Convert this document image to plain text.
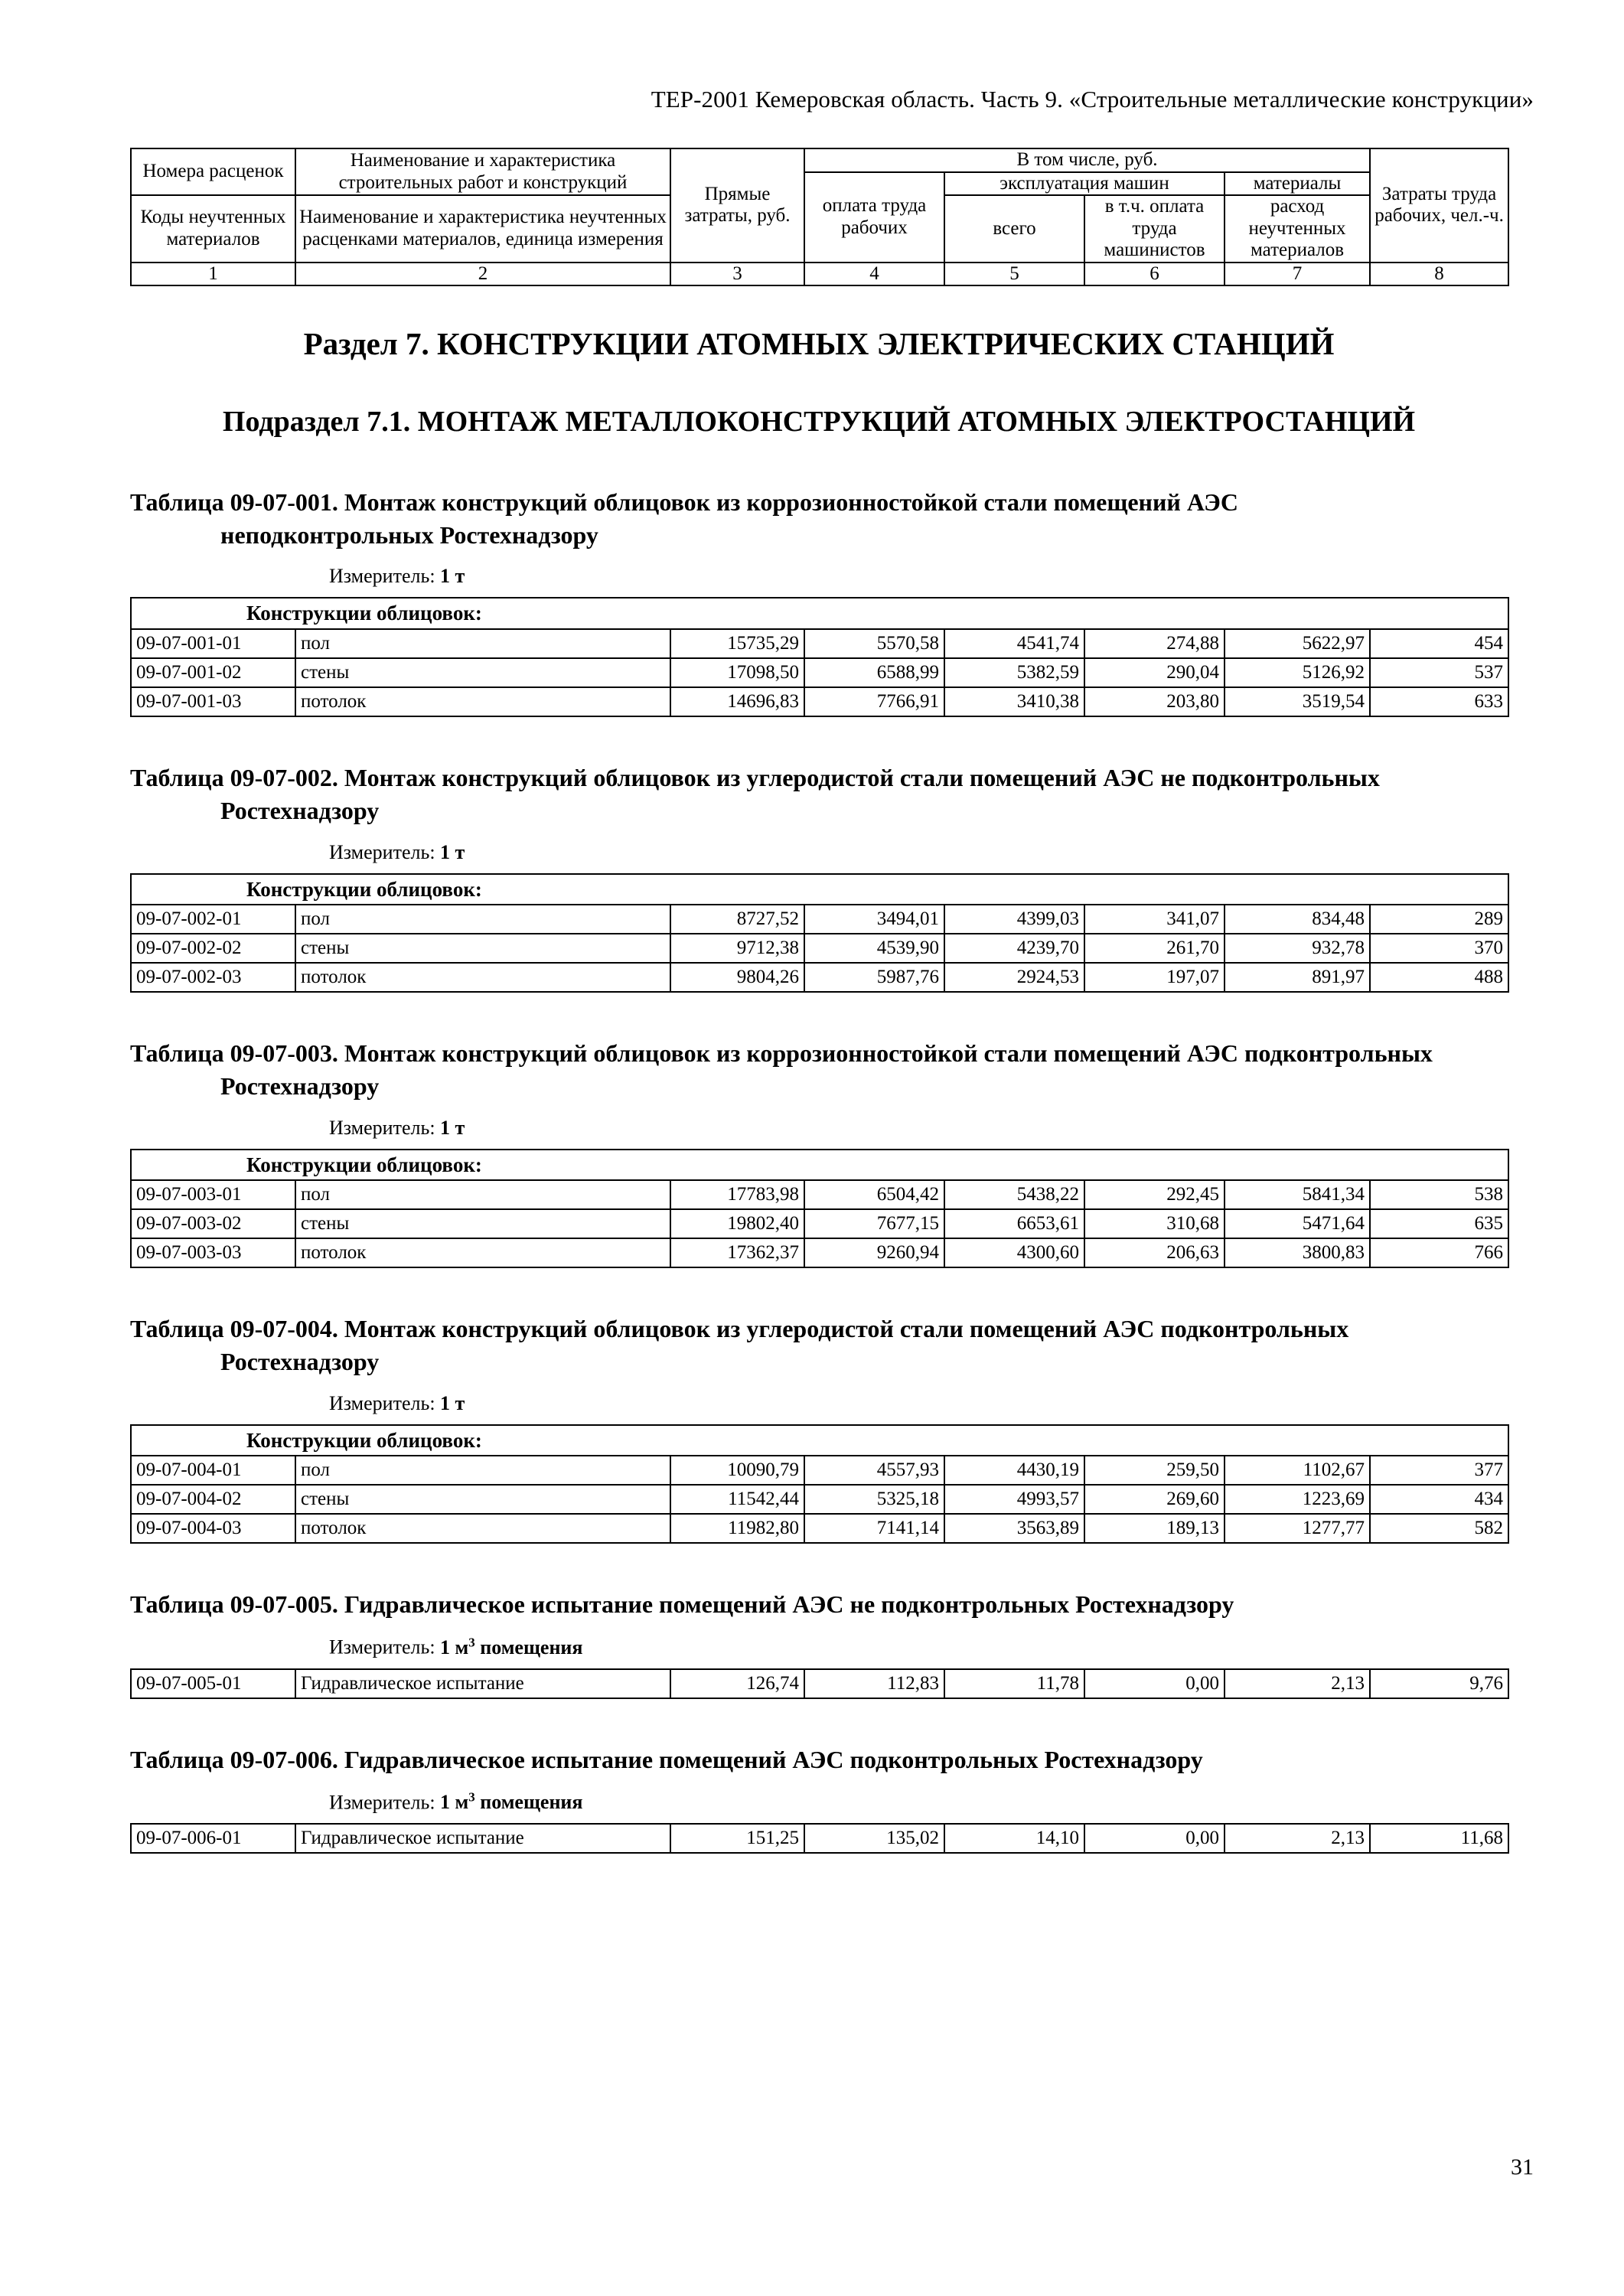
ТЕР-2001 Кемеровская область. Часть 9. «Строительные металлические конструкции»
Номера расценок	Наименование и характеристика строительных работ и конструкций	Прямые затраты, руб.	В том числе, руб.				Затраты труда рабочих, чел.-ч.
			оплата труда рабочих	эксплуатация машин		материалы	
Коды неучтенных материалов	Наименование и характеристика неучтенных расценками материалов, единица измерения			всего	в т.ч. оплата труда машинистов		
						расход неучтенных материалов	
1	2	3	4	5	6	7	8
Раздел 7. КОНСТРУКЦИИ АТОМНЫХ ЭЛЕКТРИЧЕСКИХ СТАНЦИЙ
Подраздел 7.1. МОНТАЖ МЕТАЛЛОКОНСТРУКЦИЙ АТОМНЫХ ЭЛЕКТРОСТАНЦИЙ
Таблица 09-07-001. Монтаж конструкций облицовок из коррозионностойкой стали помещений АЭС неподконтрольных Ростехнадзору
Измеритель: 1 т
Конструкции облицовок:							
09-07-001-01	пол	15735,29	5570,58	4541,74	274,88	5622,97	454
09-07-001-02	стены	17098,50	6588,99	5382,59	290,04	5126,92	537
09-07-001-03	потолок	14696,83	7766,91	3410,38	203,80	3519,54	633
Таблица 09-07-002. Монтаж конструкций облицовок из углеродистой стали помещений АЭС не подконтрольных Ростехнадзору
Измеритель: 1 т
Конструкции облицовок:							
09-07-002-01	пол	8727,52	3494,01	4399,03	341,07	834,48	289
09-07-002-02	стены	9712,38	4539,90	4239,70	261,70	932,78	370
09-07-002-03	потолок	9804,26	5987,76	2924,53	197,07	891,97	488
Таблица 09-07-003. Монтаж конструкций облицовок из коррозионностойкой стали помещений АЭС подконтрольных Ростехнадзору
Измеритель: 1 т
Конструкции облицовок:							
09-07-003-01	пол	17783,98	6504,42	5438,22	292,45	5841,34	538
09-07-003-02	стены	19802,40	7677,15	6653,61	310,68	5471,64	635
09-07-003-03	потолок	17362,37	9260,94	4300,60	206,63	3800,83	766
Таблица 09-07-004. Монтаж конструкций облицовок из углеродистой стали помещений АЭС подконтрольных Ростехнадзору
Измеритель: 1 т
Конструкции облицовок:							
09-07-004-01	пол	10090,79	4557,93	4430,19	259,50	1102,67	377
09-07-004-02	стены	11542,44	5325,18	4993,57	269,60	1223,69	434
09-07-004-03	потолок	11982,80	7141,14	3563,89	189,13	1277,77	582
Таблица 09-07-005. Гидравлическое испытание помещений АЭС не подконтрольных Ростехнадзору
Измеритель: 1 $м^3$ помещения
09-07-005-01	Гидравлическое испытание	126,74	112,83	11,78	0,00	2,13	9,76
Таблица 09-07-006. Гидравлическое испытание помещений АЭС подконтрольных Ростехнадзору
Измеритель: 1 $м^3$ помещения
09-07-006-01	Гидравлическое испытание	151,25	135,02	14,10	0,00	2,13	11,68
31
